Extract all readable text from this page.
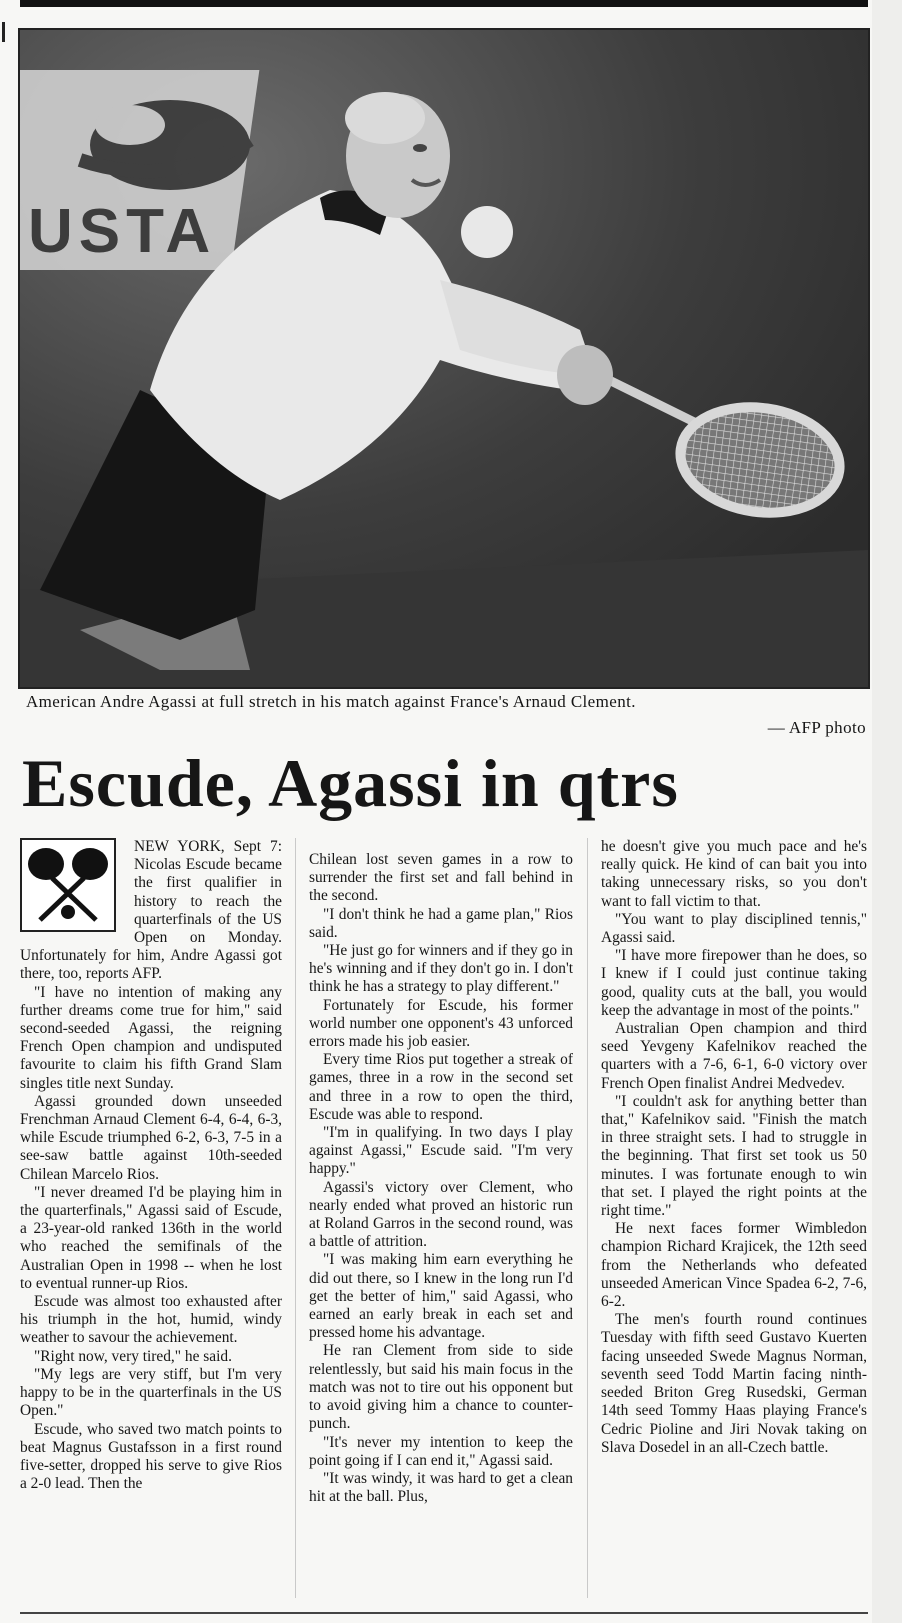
USTA
American Andre Agassi at full stretch in his match against France's Arnaud Clement.
— AFP photo
Escude, Agassi in qtrs

NEW YORK, Sept 7: Nicolas Escude became the first qualifier in history to reach the quarterfinals of the US Open on Monday. Unfortunately for him, Andre Agassi got there, too, reports AFP.

"I have no intention of making any further dreams come true for him," said second-seeded Agassi, the reigning French Open champion and undisputed favourite to claim his fifth Grand Slam singles title next Sunday.

Agassi grounded down unseeded Frenchman Arnaud Clement 6-4, 6-4, 6-3, while Escude triumphed 6-2, 6-3, 7-5 in a see-saw battle against 10th-seeded Chilean Marcelo Rios.

"I never dreamed I'd be playing him in the quarterfinals," Agassi said of Escude, a 23-year-old ranked 136th in the world who reached the semifinals of the Australian Open in 1998 -- when he lost to eventual runner-up Rios.

Escude was almost too exhausted after his triumph in the hot, humid, windy weather to savour the achievement.

"Right now, very tired," he said.

"My legs are very stiff, but I'm very happy to be in the quarterfinals in the US Open."

Escude, who saved two match points to beat Magnus Gustafsson in a first round five-setter, dropped his serve to give Rios a 2-0 lead. Then the

Chilean lost seven games in a row to surrender the first set and fall behind in the second.

"I don't think he had a game plan," Rios said.

"He just go for winners and if they go in he's winning and if they don't go in. I don't think he has a strategy to play different."

Fortunately for Escude, his former world number one opponent's 43 unforced errors made his job easier.

Every time Rios put together a streak of games, three in a row in the second set and three in a row to open the third, Escude was able to respond.

"I'm in qualifying. In two days I play against Agassi," Escude said. "I'm very happy."

Agassi's victory over Clement, who nearly ended what proved an historic run at Roland Garros in the second round, was a battle of attrition.

"I was making him earn everything he did out there, so I knew in the long run I'd get the better of him," said Agassi, who earned an early break in each set and pressed home his advantage.

He ran Clement from side to side relentlessly, but said his main focus in the match was not to tire out his opponent but to avoid giving him a chance to counter-punch.

"It's never my intention to keep the point going if I can end it," Agassi said.

"It was windy, it was hard to get a clean hit at the ball. Plus,

he doesn't give you much pace and he's really quick. He kind of can bait you into taking unnecessary risks, so you don't want to fall victim to that.

"You want to play disciplined tennis," Agassi said.

"I have more firepower than he does, so I knew if I could just continue taking good, quality cuts at the ball, you would keep the advantage in most of the points."

Australian Open champion and third seed Yevgeny Kafelnikov reached the quarters with a 7-6, 6-1, 6-0 victory over French Open finalist Andrei Medvedev.

"I couldn't ask for anything better than that," Kafelnikov said. "Finish the match in three straight sets. I had to struggle in the beginning. That first set took us 50 minutes. I was fortunate enough to win that set. I played the right points at the right time."

He next faces former Wimbledon champion Richard Krajicek, the 12th seed from the Netherlands who defeated unseeded American Vince Spadea 6-2, 7-6, 6-2.

The men's fourth round continues Tuesday with fifth seed Gustavo Kuerten facing unseeded Swede Magnus Norman, seventh seed Todd Martin facing ninth-seeded Briton Greg Rusedski, German 14th seed Tommy Haas playing France's Cedric Pioline and Jiri Novak taking on Slava Dosedel in an all-Czech battle.
